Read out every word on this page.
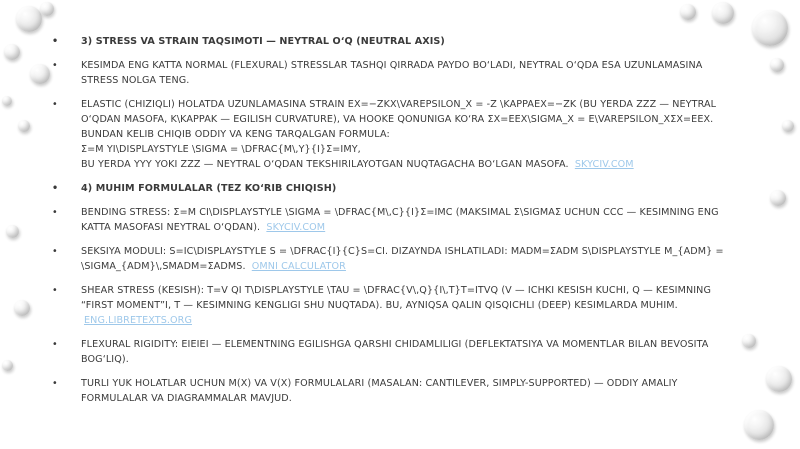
• 3) STRESS VA STRAIN TAQSIMOTI — NEYTRAL O‘Q (NEUTRAL AXIS)
• KESIMDA ENG KATTA NORMAL (FLEXURAL) STRESSLAR TASHQI QIRRADA PAYDO BO‘LADI, NEYTRAL O‘QDA ESA UZUNLAMASINA STRESS NOLGA TENG.
• ELASTIC (CHIZIQLI) HOLATDA UZUNLAMASINA STRAIN ΕX=−ZKX\VAREPSILON_X = -Z \KAPPAΕX=−ZK (BU YERDA ZZZ — NEYTRAL O‘QDAN MASOFA, K\KAPPAK — EGILISH CURVATURE), VA HOOKE QONUNIGA KO‘RA ΣX=EΕX\SIGMA_X = E\VAREPSILON_XΣX=EΕX.
BUNDAN KELIB CHIQIB ODDIY VA KENG TARQALGAN FORMULA:
Σ=M YI\DISPLAYSTYLE \SIGMA = \DFRAC{M\,Y}{I}Σ=IMY,
BU YERDA YYY YOKI ZZZ — NEYTRAL O‘QDAN TEKSHIRILAYOTGAN NUQTAGACHA BO‘LGAN MASOFA. SKYCIV.COM
• 4) MUHIM FORMULALAR (TEZ KO‘RIB CHIQISH)
• BENDING STRESS: Σ=M CI\DISPLAYSTYLE \SIGMA = \DFRAC{M\,C}{I}Σ=IMC (MAKSIMAL Σ\SIGMAΣ UCHUN CCC — KESIMNING ENG KATTA MASOFASI NEYTRAL O‘QDAN). SKYCIV.COM
• SEKSIYA MODULI: S=IC\DISPLAYSTYLE S = \DFRAC{I}{C}S=CI. DIZAYNDA ISHLATILADI: MADM=ΣADM S\DISPLAYSTYLE M_{ADM} = \SIGMA_{ADM}\,SMADM=ΣADMS. OMNI CALCULATOR
• SHEAR STRESS (KESISH): Τ=V QI T\DISPLAYSTYLE \TAU = \DFRAC{V\,Q}{I\,T}Τ=ITVQ (V — ICHKI KESISH KUCHI, Q — KESIMNING “FIRST MOMENT”I, T — KESIMNING KENGLIGI SHU NUQTADA). BU, AYNIQSA QALIN QISQICHLI (DEEP) KESIMLARDA MUHIM. ENG.LIBRETEXTS.ORG
• FLEXURAL RIGIDITY: EIEIEI — ELEMENTNING EGILISHGA QARSHI CHIDAMLILIGI (DEFLEKTATSIYA VA MOMENTLAR BILAN BEVOSITA BOG‘LIQ).
• TURLI YUK HOLATLAR UCHUN M(X) VA V(X) FORMULALARI (MASALAN: CANTILEVER, SIMPLY-SUPPORTED) — ODDIY AMALIY FORMULALAR VA DIAGRAMMALAR MAVJUD.
